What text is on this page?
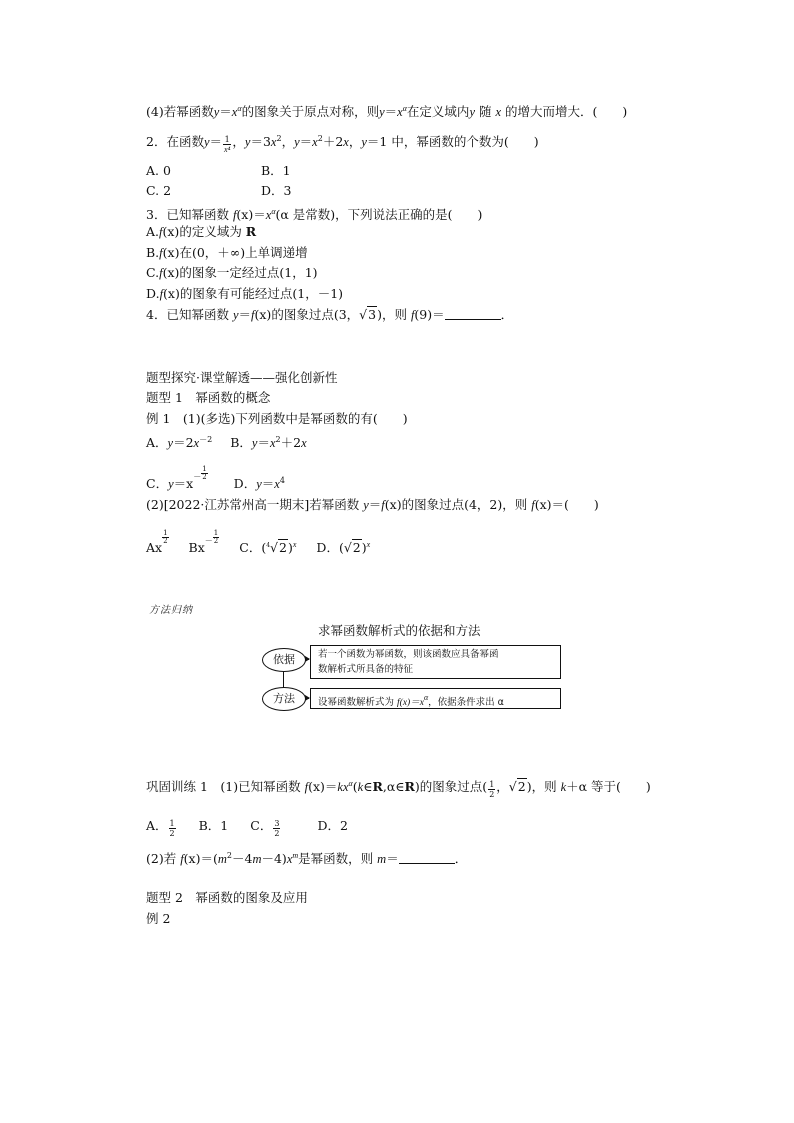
(4)若幂函数$y=x^\alpha$的图象关于原点对称，则$y=x^\alpha$在定义域内y 随 x 的增大而增大．(　　)
2．在函数$y= \frac{1}{\text{x⁴}}$ ，$y=3x^2$，$y=x^2+2x$，y＝1 中，幂函数的个数为(　　)
A. 0	B．1
C. 2	D．3
3．已知幂函数 $f(x)=x^\alpha(\alpha$ 是常数)，下列说法正确的是(　　)
A.f(x)的定义域为 R
B.f(x)在(0，＋∞)上单调递增
C.f(x)的图象一定经过点(1，1)
D.f(x)的图象有可能经过点(1，－1)
4．已知幂函数 y＝f(x)的图象过点(3，√3)，则 f(9)＝	．
题型探究·课堂解透——强化创新性
题型 1　幂函数的概念
例 1　(1)(多选)下列函数中是幂函数的有(　　)
A．$y=2x^{-2}$ B．$y=x^2+2x$
C．$y=x^- \frac{1}{2}$
D．$y=x^4$
(2)[2022·江苏常州高一期末]若幂函数 y＝f(x)的图象过点(4，2)，则 f(x)＝(　　)
Ax
$\frac{1}{2}$
$Bx^- \frac{1}{2}$
C．$(^4√2)^x$ D．$(√2)^x$
方法归纳
求幂函数解析式的依据和方法
依据
方法
若一个函数为幂函数，则该函数应具备幂函
数解析式所具备的特征
设幂函数解析式为 $f(x)=x^\alpha$，依据条件求出 α
巩固训练 1　(1)已知幂函数 $f(x)=kx^\alpha(k\in R,\alpha\in R)$的图象过点( $\frac{1}{2}$ ，√2)，则 k＋α 等于(　　)
A． $\frac{1}{2}$ B．1 C． $\frac{3}{2}$	D．2
(2)若 $f(x)=(m^2-4m-4)x^m$是幂函数，则 m＝	．
题型 2　幂函数的图象及应用
例 2
